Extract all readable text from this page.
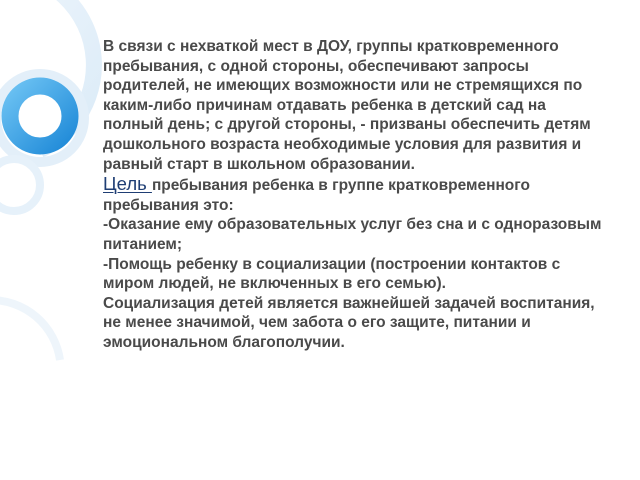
В связи с нехваткой мест в ДОУ, группы кратковременного пребывания, с одной стороны, обеспечивают запросы родителей, не имеющих возможности или не стремящихся по каким-либо причинам отдавать ребенка в детский сад на полный день; с другой стороны, - призваны обеспечить детям дошкольного возраста необходимые условия для развития и равный старт в школьном образовании.

Цель пребывания ребенка в группе кратковременного пребывания это:

-Оказание ему образовательных услуг без сна и с одноразовым питанием;

-Помощь ребенку в социализации (построении контактов с миром людей, не включенных в его семью).

Социализация детей является важнейшей задачей воспитания, не менее значимой, чем забота о его защите, питании и эмоциональном благополучии.
